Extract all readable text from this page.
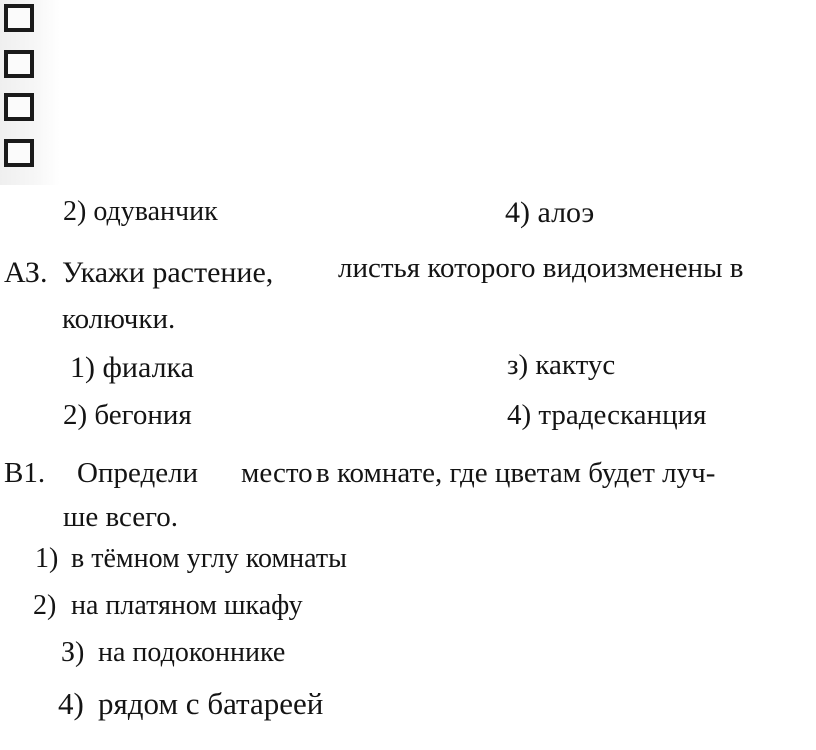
2) одуванчик	4) алоэ
АЗ. Укажи растение, листья которого видоизменены в
колючки.
1) фиалка	з) кактус
2) бегония	4) традесканция
В1. Определи место в комнате, где цветам будет луч-
ше всего.
1) в тёмном углу комнаты
2) на платяном шкафу
З) на подоконнике
4) рядом с батареей
